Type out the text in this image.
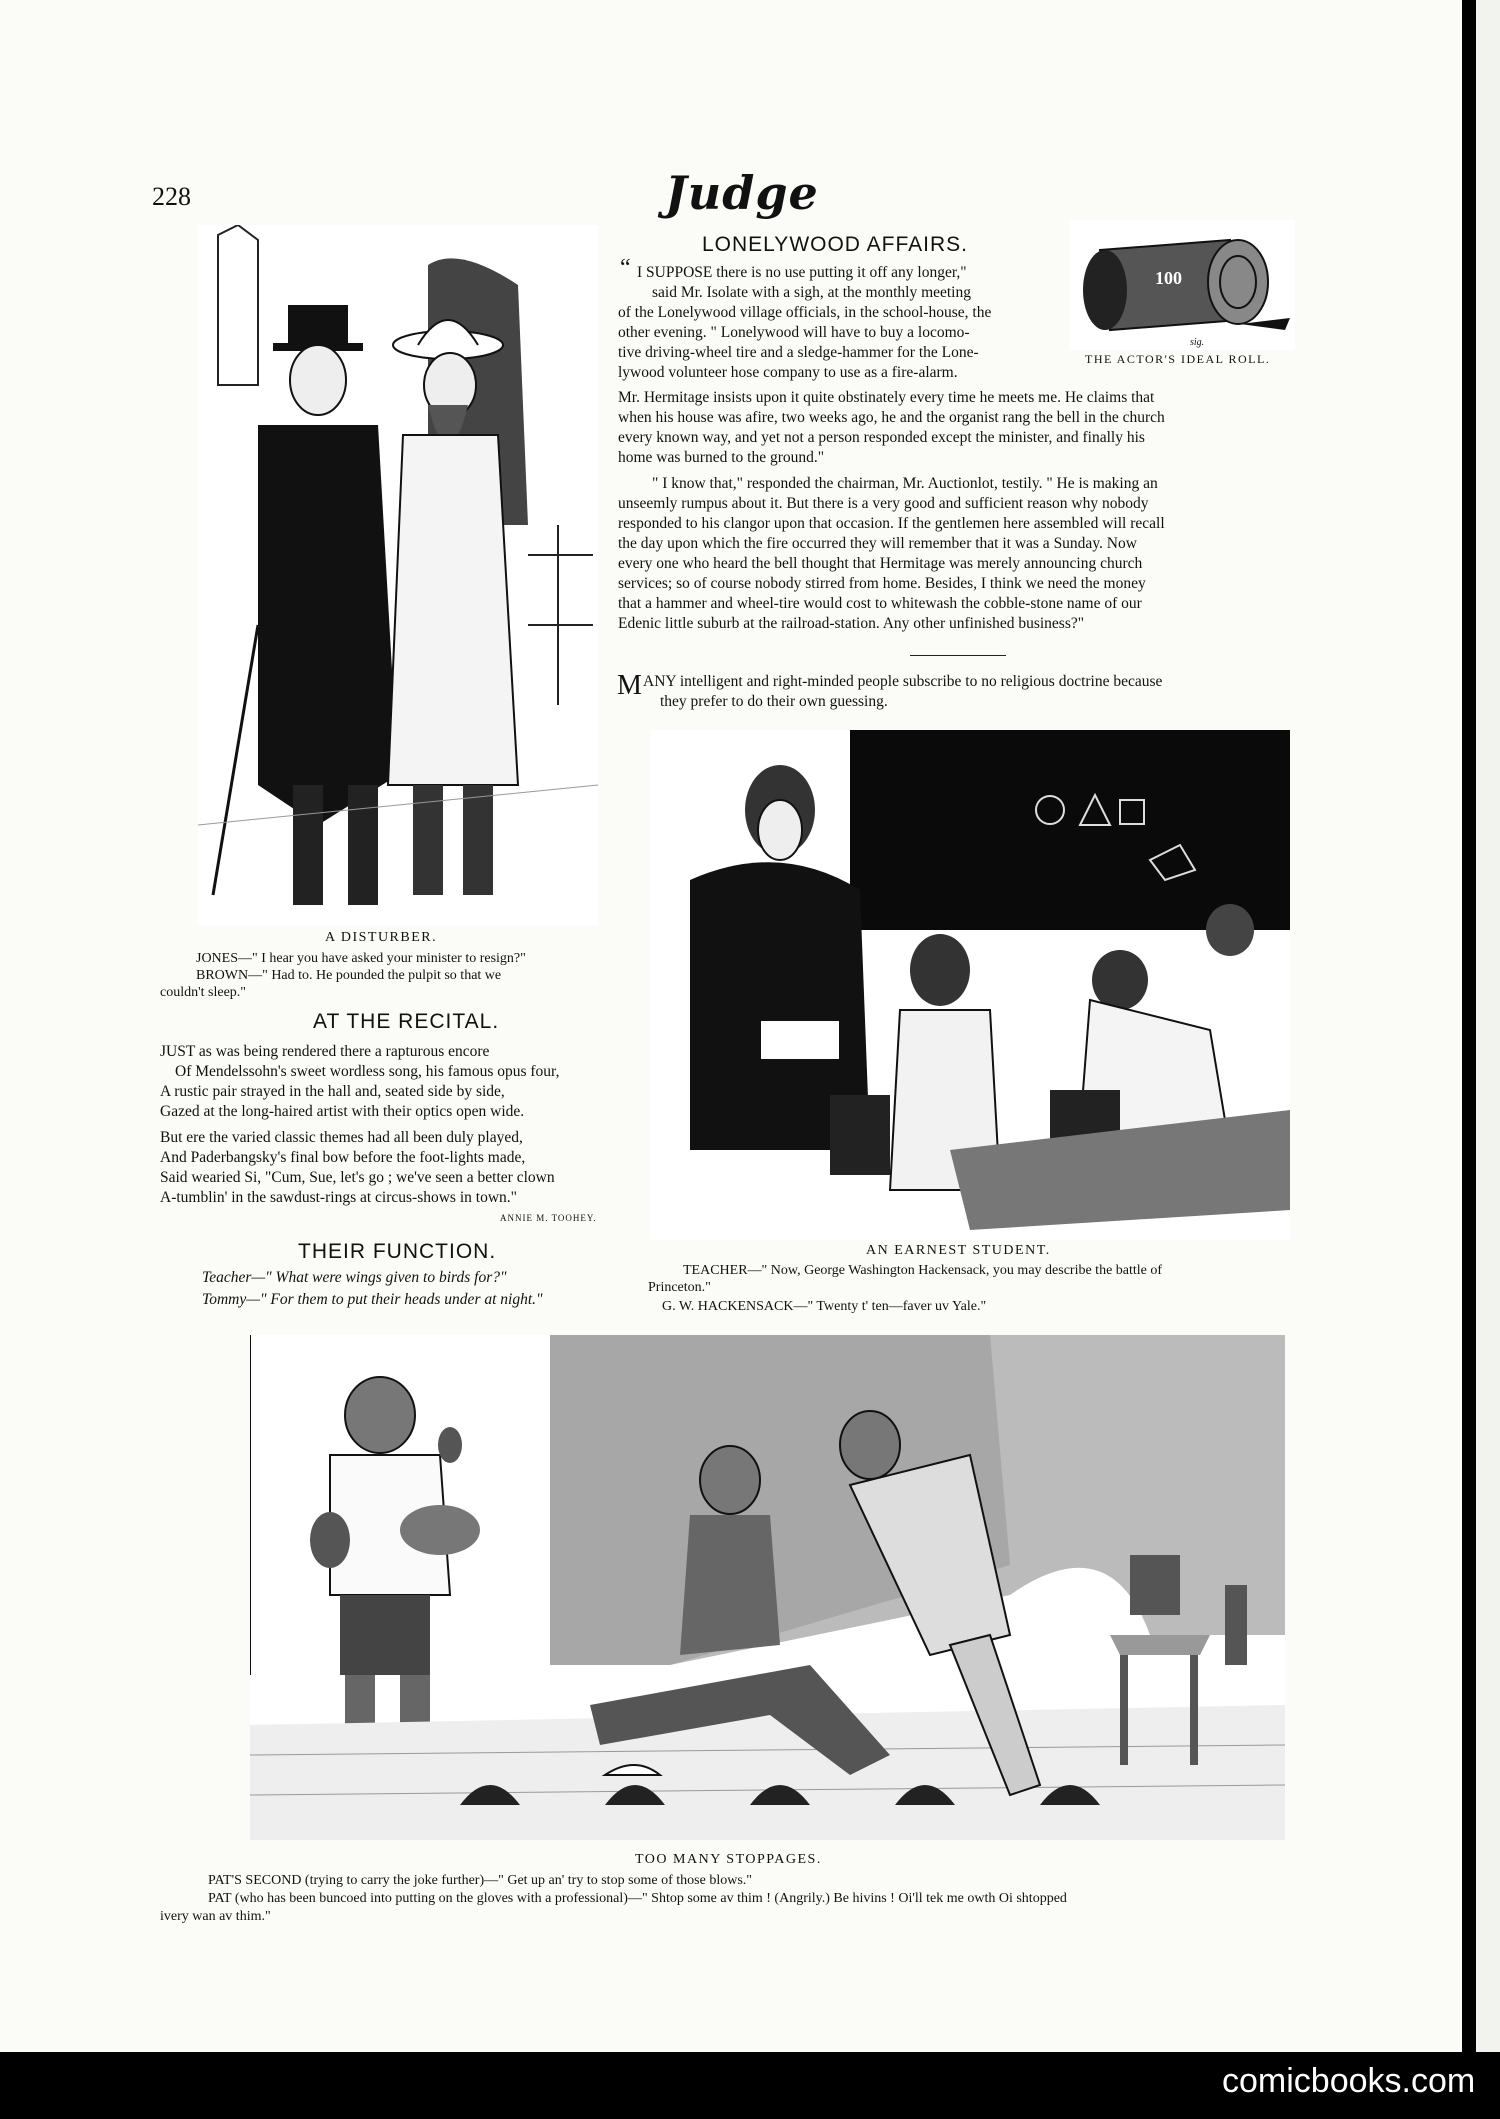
228	Judge
LONELYWOOD AFFAIRS.
“ I SUPPOSE there is no use putting it off any longer,"
said Mr. Isolate with a sigh, at the monthly meeting
of the Lonelywood village officials, in the school-house, the
other evening. " Lonelywood will have to buy a locomo-
tive driving-wheel tire and a sledge-hammer for the Lone-
lywood volunteer hose company to use as a fire-alarm.
Mr. Hermitage insists upon it quite obstinately every time he meets me. He claims that
when his house was afire, two weeks ago, he and the organist rang the bell in the church
every known way, and yet not a person responded except the minister, and finally his
home was burned to the ground."
" I know that," responded the chairman, Mr. Auctionlot, testily. " He is making an
unseemly rumpus about it. But there is a very good and sufficient reason why nobody
responded to his clangor upon that occasion. If the gentlemen here assembled will recall
the day upon which the fire occurred they will remember that it was a Sunday. Now
every one who heard the bell thought that Hermitage was merely announcing church
services; so of course nobody stirred from home. Besides, I think we need the money
that a hammer and wheel-tire would cost to whitewash the cobble-stone name of our
Edenic little suburb at the railroad-station. Any other unfinished business?"
sig.
100
THE ACTOR'S IDEAL ROLL.
M ANY intelligent and right-minded people subscribe to no religious doctrine because
they prefer to do their own guessing.
A DISTURBER.
JONES—" I hear you have asked your minister to resign?"
BROWN—" Had to. He pounded the pulpit so that we
couldn't sleep."
AT THE RECITAL.
JUST as was being rendered there a rapturous encore
Of Mendelssohn's sweet wordless song, his famous opus four,
A rustic pair strayed in the hall and, seated side by side,
Gazed at the long-haired artist with their optics open wide.
But ere the varied classic themes had all been duly played,
And Paderbangsky's final bow before the foot-lights made,
Said wearied Si, "Cum, Sue, let's go ; we've seen a better clown
A-tumblin' in the sawdust-rings at circus-shows in town."
ANNIE M. TOOHEY.
THEIR FUNCTION.
Teacher—" What were wings given to birds for?"
Tommy—" For them to put their heads under at night."
AN EARNEST STUDENT.
TEACHER—" Now, George Washington Hackensack, you may describe the battle of
Princeton."
G. W. HACKENSACK—" Twenty t' ten—faver uv Yale."
TOO MANY STOPPAGES.
PAT'S SECOND (trying to carry the joke further)—" Get up an' try to stop some of those blows."
PAT (who has been buncoed into putting on the gloves with a professional)—" Shtop some av thim ! (Angrily.) Be hivins ! Oi'll tek me owth Oi shtopped
ivery wan av thim."
comicbooks.com
